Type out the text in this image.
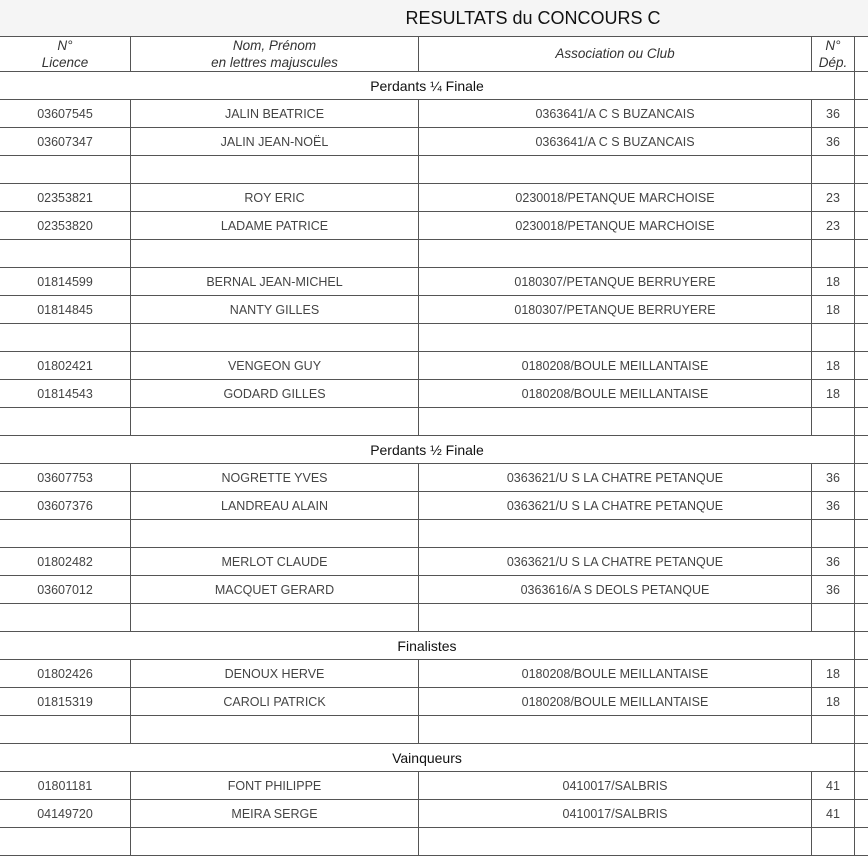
RESULTATS du CONCOURS C
N°	Nom, Prénom	Association ou Club	N°	
Licence	en lettres majuscules		Dép.	
Perdants ¼ Finale				
03607545	JALIN BEATRICE	0363641/A C S BUZANCAIS	36	
03607347	JALIN JEAN-NOËL	0363641/A C S BUZANCAIS	36	

02353821	ROY ERIC	0230018/PETANQUE MARCHOISE	23	
02353820	LADAME PATRICE	0230018/PETANQUE MARCHOISE	23	

01814599	BERNAL JEAN-MICHEL	0180307/PETANQUE BERRUYERE	18	
01814845	NANTY GILLES	0180307/PETANQUE BERRUYERE	18	

01802421	VENGEON GUY	0180208/BOULE MEILLANTAISE	18	
01814543	GODARD GILLES	0180208/BOULE MEILLANTAISE	18	

Perdants ½ Finale				
03607753	NOGRETTE YVES	0363621/U S LA CHATRE PETANQUE	36	
03607376	LANDREAU ALAIN	0363621/U S LA CHATRE PETANQUE	36	

01802482	MERLOT CLAUDE	0363621/U S LA CHATRE PETANQUE	36	
03607012	MACQUET GERARD	0363616/A S DEOLS PETANQUE	36	

Finalistes				
01802426	DENOUX HERVE	0180208/BOULE MEILLANTAISE	18	
01815319	CAROLI PATRICK	0180208/BOULE MEILLANTAISE	18	

Vainqueurs				
01801181	FONT PHILIPPE	0410017/SALBRIS	41	
04149720	MEIRA SERGE	0410017/SALBRIS	41	
